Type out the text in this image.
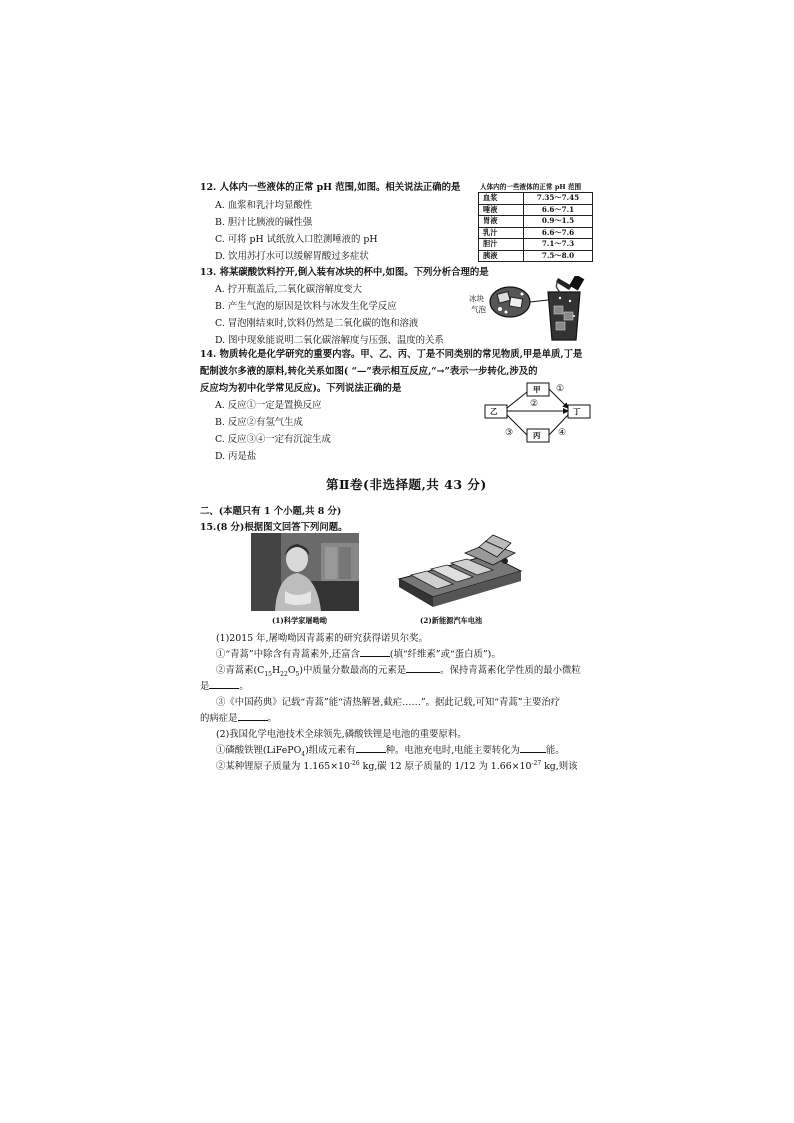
12. 人体内一些液体的正常 pH 范围,如图。相关说法正确的是
A. 血浆和乳汁均显酸性
B. 胆汁比胰液的碱性强
C. 可将 pH 试纸放入口腔测唾液的 pH
D. 饮用苏打水可以缓解胃酸过多症状
人体内的一些液体的正常 pH 范围
血浆	7.35～7.45
唾液	6.6～7.1
胃液	0.9～1.5
乳汁	6.6～7.6
胆汁	7.1～7.3
胰液	7.5～8.0
13. 将某碳酸饮料拧开,倒入装有冰块的杯中,如图。下列分析合理的是
A. 拧开瓶盖后,二氧化碳溶解度变大
B. 产生气泡的原因是饮料与冰发生化学反应
C. 冒泡刚结束时,饮料仍然是二氧化碳的饱和溶液
D. 图中现象能说明二氧化碳溶解度与压强、温度的关系
冰块
气泡
14. 物质转化是化学研究的重要内容。甲、乙、丙、丁是不同类别的常见物质,甲是单质,丁是
配制波尔多液的原料,转化关系如图( “—”表示相互反应,“→”表示一步转化,涉及的
反应均为初中化学常见反应)。下列说法正确的是
A. 反应①一定是置换反应
B. 反应②有氢气生成
C. 反应③④一定有沉淀生成
D. 丙是盐
甲
乙	丁
丙
①
②
③	④
第Ⅱ卷(非选择题,共 43 分)
二、(本题只有 1 个小题,共 8 分)
15.(8 分)根据图文回答下列问题。
(1)科学家屠呦呦	(2)新能源汽车电池
(1)2015 年,屠呦呦因青蒿素的研究获得诺贝尔奖。
①“青蒿”中除含有青蒿素外,还富含	(填“纤维素”或“蛋白质”)。
②青蒿素$(C_{15}H_{22}O_5)$中质量分数最高的元素是	。保持青蒿素化学性质的最小微粒
是	。
③《中国药典》记载“青蒿”能“清热解暑,截疟……”。据此记载,可知“青蒿”主要治疗
的病症是	。
(2)我国化学电池技术全球领先,磷酸铁锂是电池的重要原料。
①磷酸铁锂(LiFePO$_4$)组成元素有	种。电池充电时,电能主要转化为	能。
②某种锂原子质量为 $1.165\times 10^{-26}$ kg,碳 12 原子质量的 1/12 为 $1.66\times 10^{-27}$ kg,则该
